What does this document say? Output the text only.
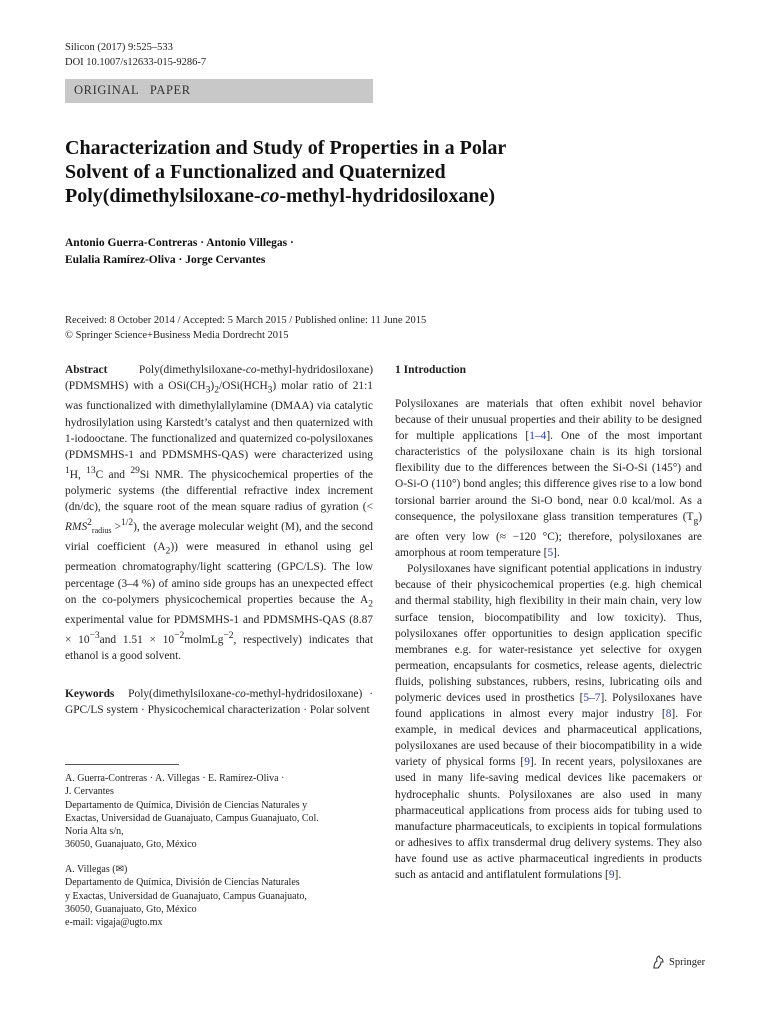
Silicon (2017) 9:525–533
DOI 10.1007/s12633-015-9286-7
ORIGINAL   PAPER

Characterization and Study of Properties in a Polar

Solvent of a Functionalized and Quaternized

Poly(dimethylsiloxane-co-methyl-hydridosiloxane)

Antonio Guerra-Contreras · Antonio Villegas ·

Eulalia Ramírez-Oliva · Jorge Cervantes

Received: 8 October 2014 / Accepted: 5 March 2015 / Published online: 11 June 2015

© Springer Science+Business Media Dordrecht 2015

Abstract	Poly(dimethylsiloxane-co-methyl-hydridosiloxane) (PDMSMHS) with a $OSi(CH_3)_2/OSi(HCH_3)$ molar ratio of 21:1 was functionalized with dimethylallylamine (DMAA) via catalytic hydrosilylation using Karstedt’s catalyst and then quaternized with 1-iodooctane. The functionalized and quaternized co-polysiloxanes (PDMSMHS-1 and PDMSMHS-QAS) were characterized using $^1$H, $^{13}$C and $^{29}$Si NMR. The physicochemical properties of the polymeric systems (the differential refractive index increment (dn/dc), the square root of the mean square radius of gyration (< $RMS^2_{radius} >^{1/2}$), the average molecular weight (M), and the second virial coefficient $(A_2)$) were measured in ethanol using gel permeation chromatography/light scattering (GPC/LS). The low percentage (3–4 %) of amino side groups has an unexpected effect on the co-polymers physicochemical properties because the $A_2$ experimental value for PDMSMHS-1 and PDMSMHS-QAS ($8.87 \times 10^{-3}and$ $1.51 \times 10^{-2}molmLg^{-2}$, respectively) indicates that ethanol is a good solvent.
Keywords Poly(dimethylsiloxane-co-methyl-hydridosiloxane) · GPC/LS system · Physicochemical characterization · Polar solvent

A. Guerra-Contreras · A. Villegas · E. Ramírez-Oliva ·

J. Cervantes

Departamento de Química, División de Ciencias Naturales y

Exactas, Universidad de Guanajuato, Campus Guanajuato, Col.

Noria Alta s/n,

36050, Guanajuato, Gto, México

A. Villegas (✉)

Departamento de Química, División de Ciencias Naturales

y Exactas, Universidad de Guanajuato, Campus Guanajuato,

36050, Guanajuato, Gto, México

e-mail: vigaja@ugto.mx

1 Introduction

Polysiloxanes are materials that often exhibit novel behavior because of their unusual properties and their ability to be designed for multiple applications [1–4]. One of the most important characteristics of the polysiloxane chain is its high torsional flexibility due to the differences between the Si-O-Si (145°) and O-Si-O (110°) bond angles; this difference gives rise to a low bond torsional barrier around the Si-O bond, near 0.0 kcal/mol. As a consequence, the polysiloxane glass transition temperatures $(T_g)$ are often very low (≈ −120 °C); therefore, polysiloxanes are amorphous at room temperature [5].

Polysiloxanes have significant potential applications in industry because of their physicochemical properties (e.g. high chemical and thermal stability, high flexibility in their main chain, very low surface tension, biocompatibility and low toxicity). Thus, polysiloxanes offer opportunities to design application specific membranes e.g. for water-resistance yet selective for oxygen permeation, encapsulants for cosmetics, release agents, dielectric fluids, polishing substances, rubbers, resins, lubricating oils and polymeric devices used in prosthetics [5–7]. Polysiloxanes have found applications in almost every major industry [8]. For example, in medical devices and pharmaceutical applications, polysiloxanes are used because of their biocompatibility in a wide variety of physical forms [9]. In recent years, polysiloxanes are used in many life-saving medical devices like pacemakers or hydrocephalic shunts. Polysiloxanes are also used in many pharmaceutical applications from process aids for tubing used to manufacture pharmaceuticals, to excipients in topical formulations or adhesives to affix transdermal drug delivery systems. They also have found use as active pharmaceutical ingredients in products such as antacid and antiflatulent formulations [9].

Springer
